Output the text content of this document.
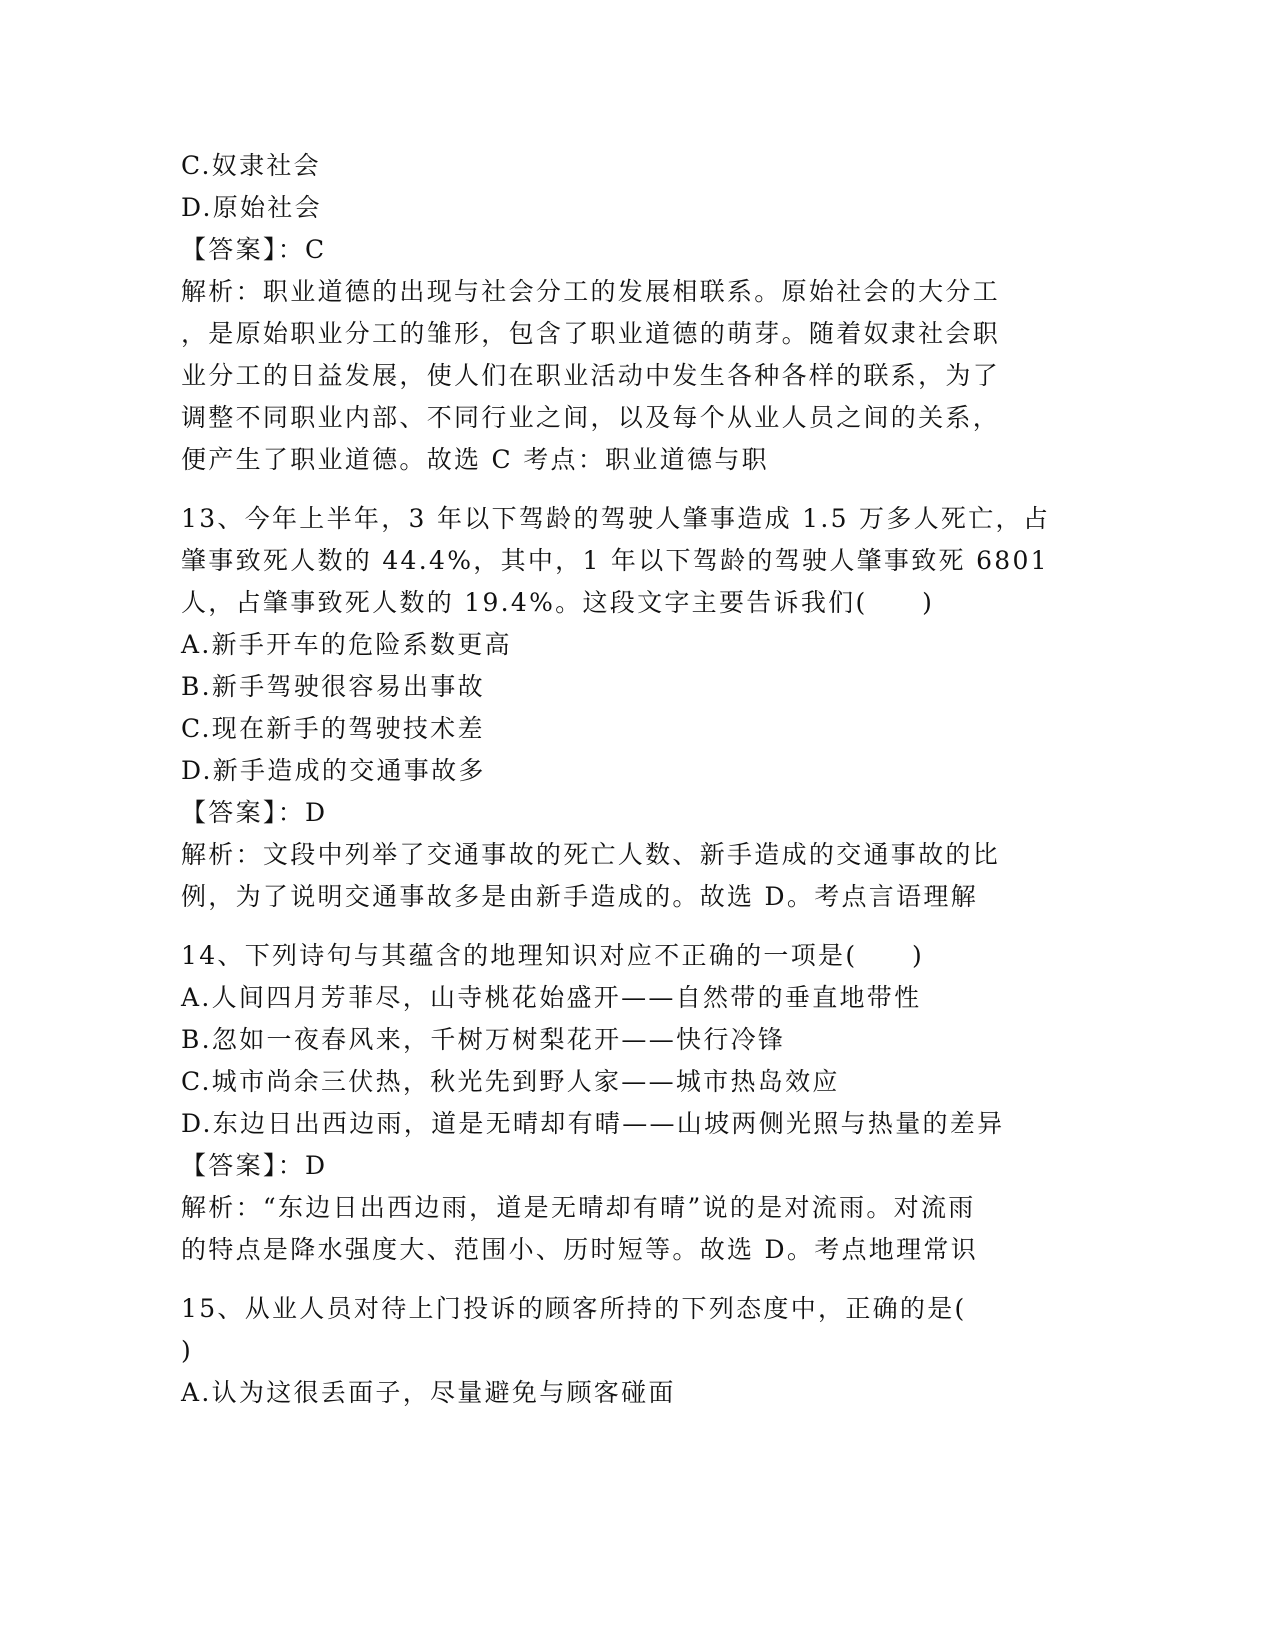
C.奴隶社会
D.原始社会
【答案】：C
解析：职业道德的出现与社会分工的发展相联系。原始社会的大分工
，是原始职业分工的雏形，包含了职业道德的萌芽。随着奴隶社会职
业分工的日益发展，使人们在职业活动中发生各种各样的联系，为了
调整不同职业内部、不同行业之间，以及每个从业人员之间的关系，
便产生了职业道德。故选 C 考点：职业道德与职
13、今年上半年，3 年以下驾龄的驾驶人肇事造成 1.5 万多人死亡，占
肇事致死人数的 44.4%，其中，1 年以下驾龄的驾驶人肇事致死 6801
人，占肇事致死人数的 19.4%。这段文字主要告诉我们(　　)
A.新手开车的危险系数更高
B.新手驾驶很容易出事故
C.现在新手的驾驶技术差
D.新手造成的交通事故多
【答案】：D
解析：文段中列举了交通事故的死亡人数、新手造成的交通事故的比
例，为了说明交通事故多是由新手造成的。故选 D。考点言语理解
14、下列诗句与其蕴含的地理知识对应不正确的一项是(　　)
A.人间四月芳菲尽，山寺桃花始盛开——自然带的垂直地带性
B.忽如一夜春风来，千树万树梨花开——快行冷锋
C.城市尚余三伏热，秋光先到野人家——城市热岛效应
D.东边日出西边雨，道是无晴却有晴——山坡两侧光照与热量的差异
【答案】：D
解析：“东边日出西边雨，道是无晴却有晴”说的是对流雨。对流雨
的特点是降水强度大、范围小、历时短等。故选 D。考点地理常识
15、从业人员对待上门投诉的顾客所持的下列态度中，正确的是(
)
A.认为这很丢面子，尽量避免与顾客碰面
